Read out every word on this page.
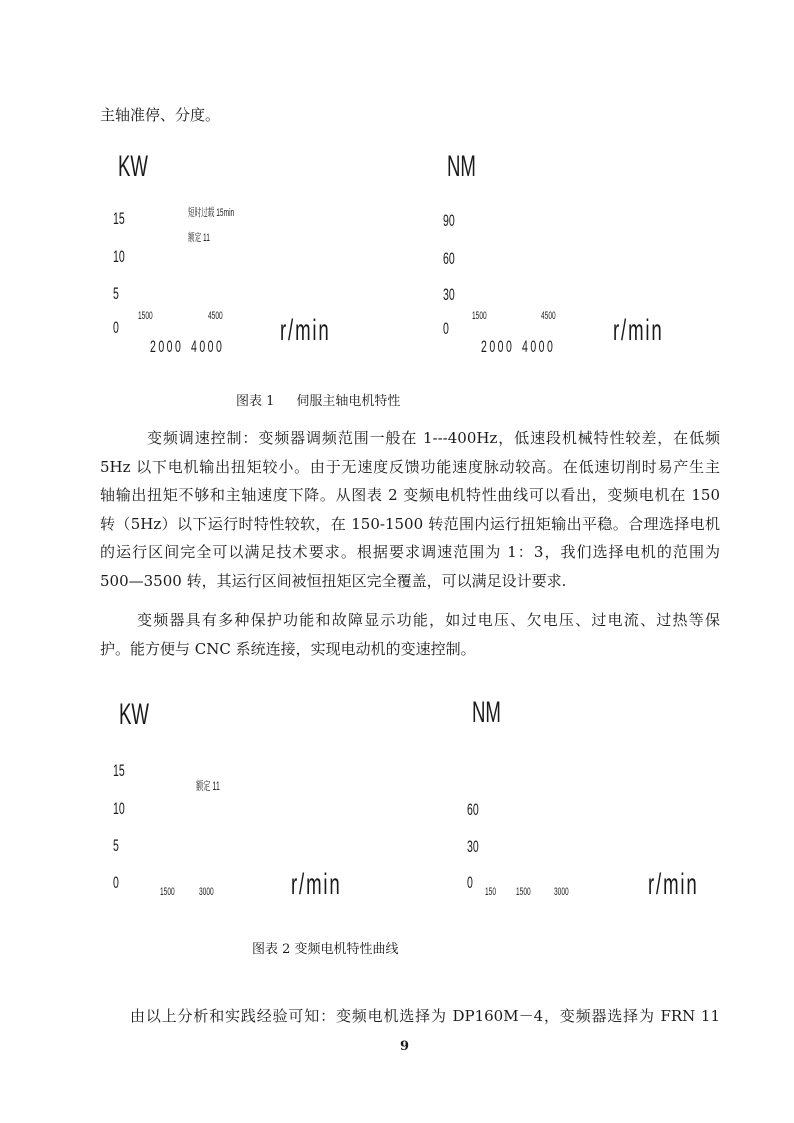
主轴准停、分度。
KW
15
10
5
0
短时过载 15min
额定 11
1500	4500
2000 4000 r/min
NM
90
60
30
0
1500	4500
2000 4000 r/min
图表 1 伺服主轴电机特性
变频调速控制：变频器调频范围一般在 1---400Hz，低速段机械特性较差，在低频
5Hz 以下电机输出扭矩较小。由于无速度反馈功能速度脉动较高。在低速切削时易产生主
轴输出扭矩不够和主轴速度下降。从图表 2 变频电机特性曲线可以看出，变频电机在 150
转（5Hz）以下运行时特性较软，在 150-1500 转范围内运行扭矩输出平稳。合理选择电机
的运行区间完全可以满足技术要求。根据要求调速范围为 1：3，我们选择电机的范围为
500—3500 转，其运行区间被恒扭矩区完全覆盖，可以满足设计要求.
变频器具有多种保护功能和故障显示功能，如过电压、欠电压、过电流、过热等保
护。能方便与 CNC 系统连接，实现电动机的变速控制。
KW
15
10
5
0
额定 11
1500 3000	r/min
NM
60
30
0 150 1500 3000	r/min
图表 2 变频电机特性曲线
由以上分析和实践经验可知：变频电机选择为 DP160M－4，变频器选择为 FRN 11
9
